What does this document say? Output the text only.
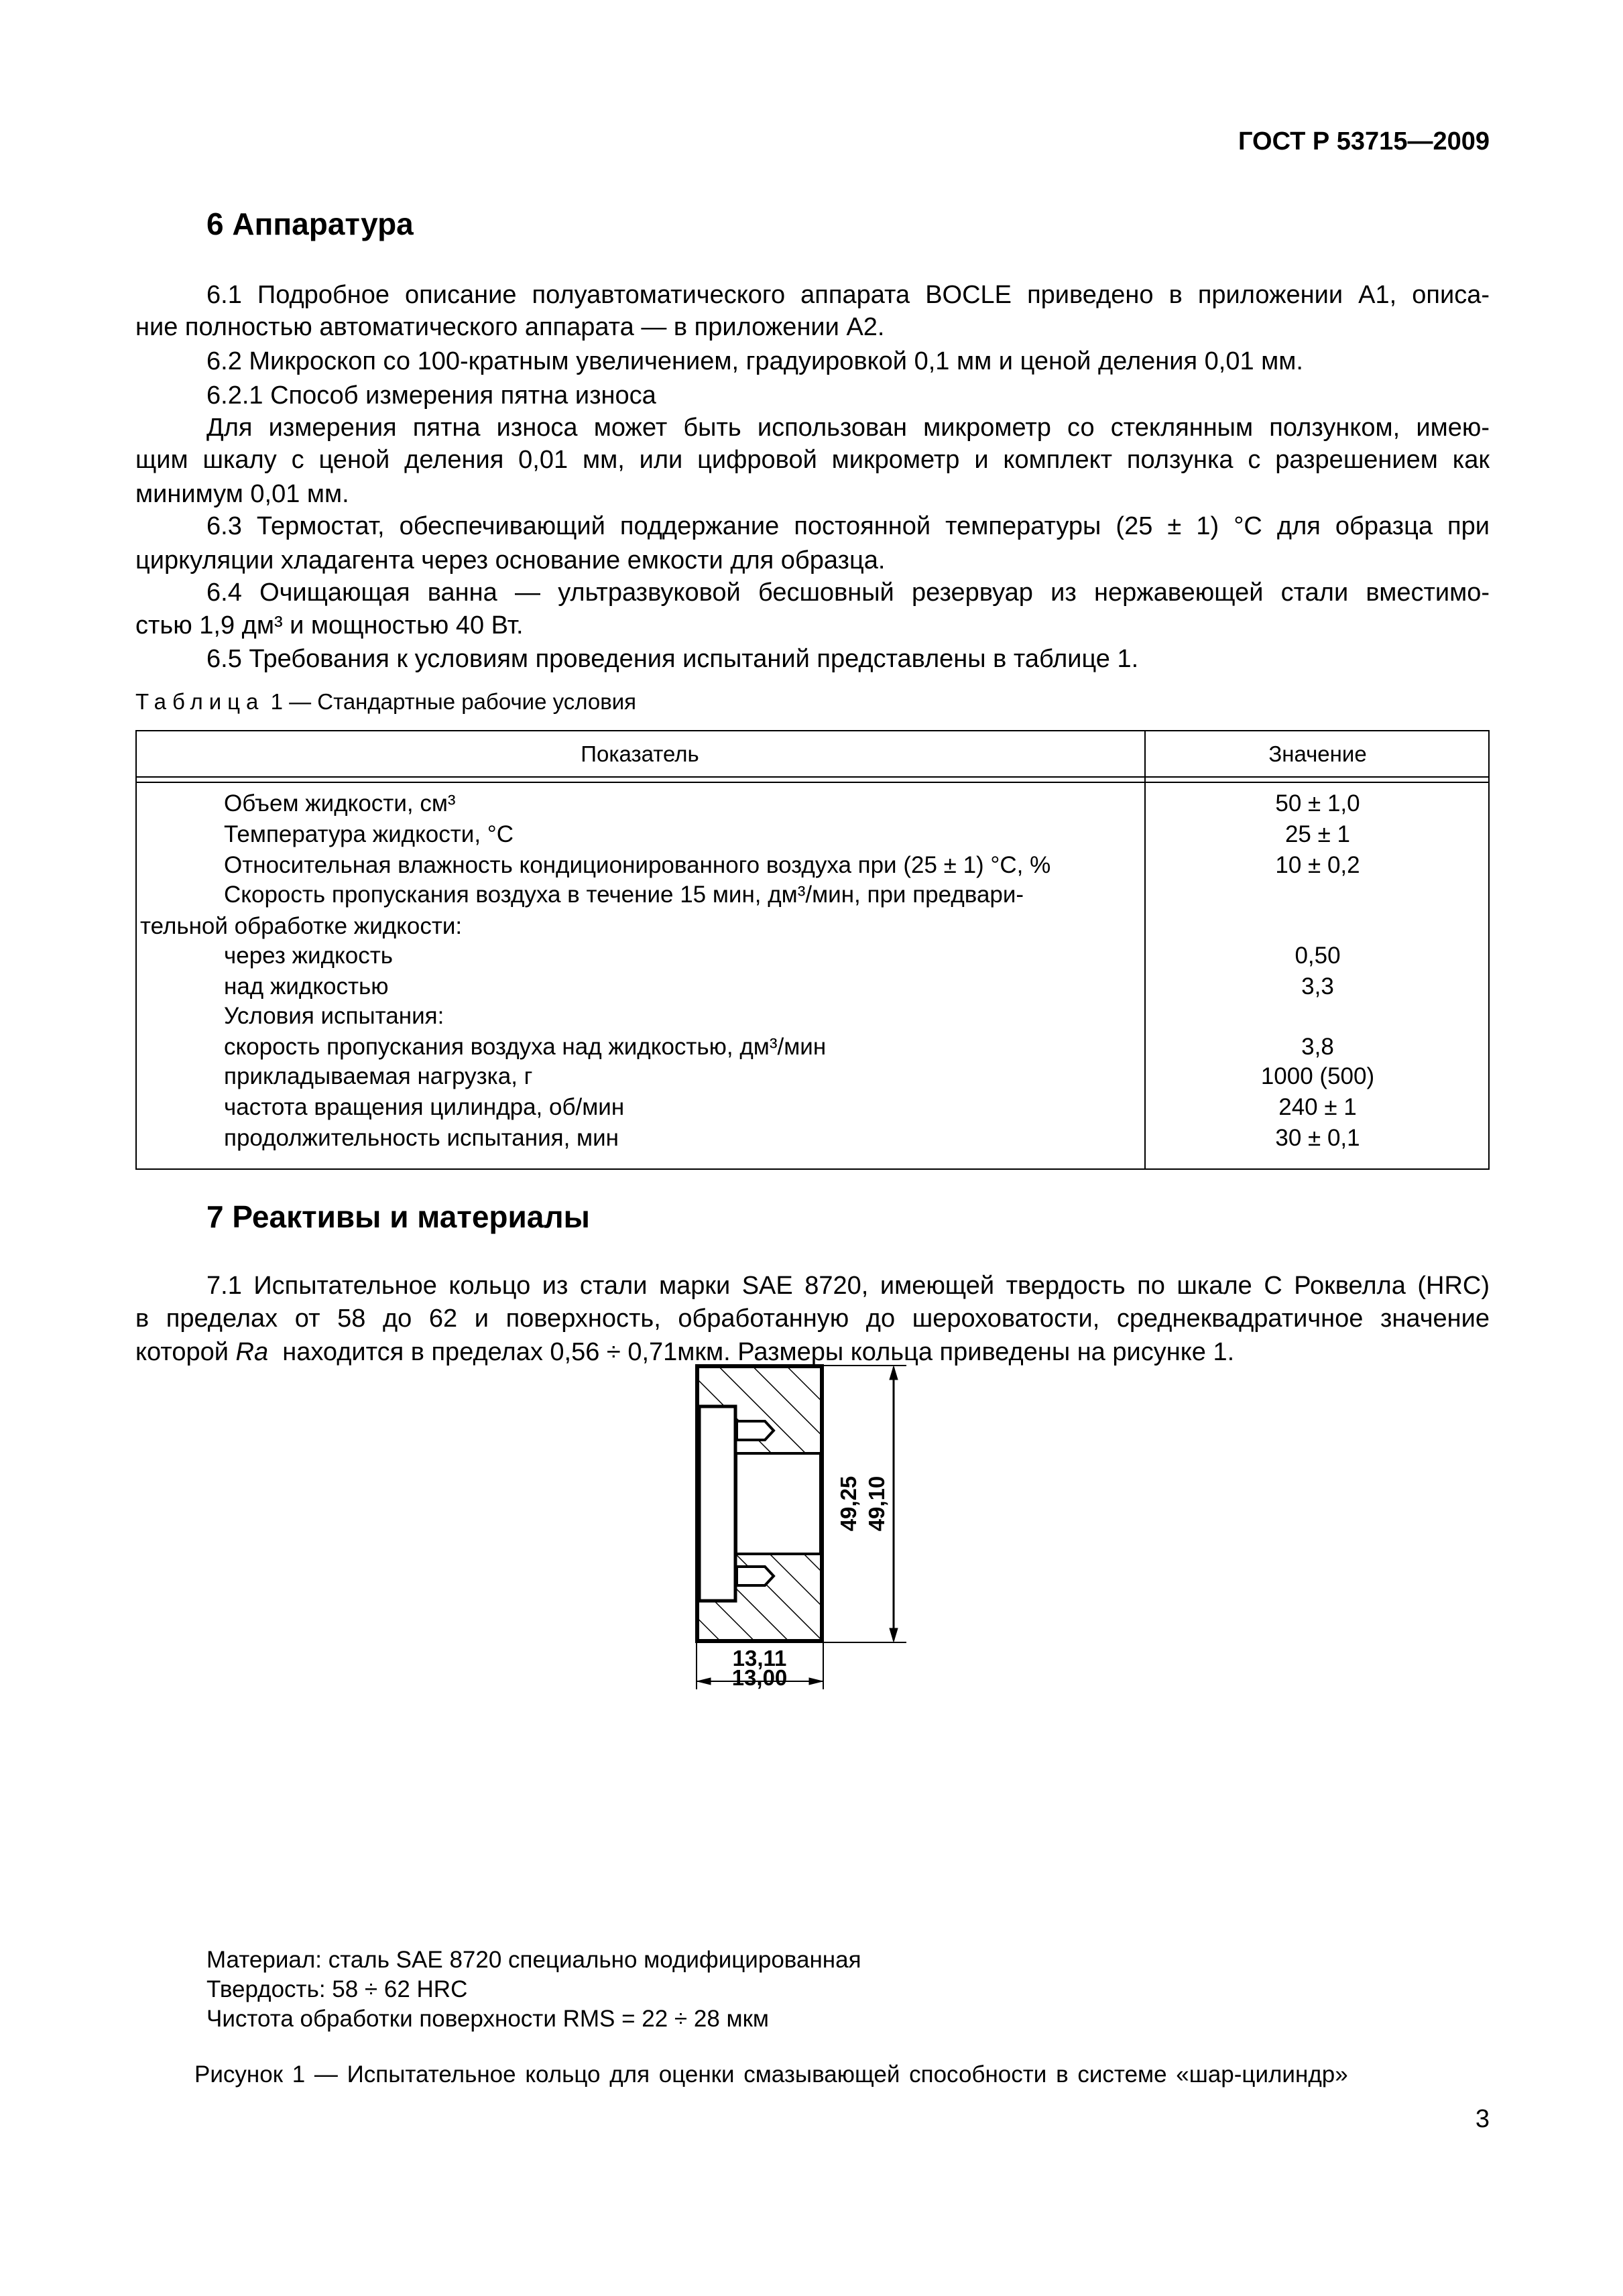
ГОСТ Р 53715—2009
6 Аппаратура
6.1 Подробное описание полуавтоматического аппарата BOCLE приведено в приложении А1, описа-
ние полностью автоматического аппарата — в приложении А2.
6.2 Микроскоп со 100-кратным увеличением, градуировкой 0,1 мм и ценой деления 0,01 мм.
6.2.1 Способ измерения пятна износа
Для измерения пятна износа может быть использован микрометр со стеклянным ползунком, имею-
щим шкалу с ценой деления 0,01 мм, или цифровой микрометр и комплект ползунка с разрешением как
минимум 0,01 мм.
6.3 Термостат, обеспечивающий поддержание постоянной температуры (25 ± 1) °С для образца при
циркуляции хладагента через основание емкости для образца.
6.4 Очищающая ванна — ультразвуковой бесшовный резервуар из нержавеющей стали вместимо-
стью 1,9 дм³ и мощностью 40 Вт.
6.5 Требования к условиям проведения испытаний представлены в таблице 1.
Таблица 1 — Стандартные рабочие условия
Показатель	Значение
Объем жидкости, см³	50 ± 1,0
Температура жидкости, °С	25 ± 1
Относительная влажность кондиционированного воздуха при (25 ± 1) °С, %	10 ± 0,2
Скорость пропускания воздуха в течение 15 мин, дм³/мин, при предвари-
тельной обработке жидкости:
через жидкость	0,50
над жидкостью	3,3
Условия испытания:
скорость пропускания воздуха над жидкостью, дм³/мин	3,8
прикладываемая нагрузка, г	1000 (500)
частота вращения цилиндра, об/мин	240 ± 1
продолжительность испытания, мин	30 ± 0,1
7 Реактивы и материалы
7.1 Испытательное кольцо из стали марки SAE 8720, имеющей твердость по шкале С Роквелла (HRC)
в пределах от 58 до 62 и поверхность, обработанную до шероховатости, среднеквадратичное значение
которой Ra находится в пределах 0,56 ÷ 0,71мкм. Размеры кольца приведены на рисунке 1.
49,25 49,10
13,11
13,00
Материал: сталь SAE 8720 специально модифицированная
Твердость: 58 ÷ 62 HRC
Чистота обработки поверхности RMS = 22 ÷ 28 мкм
Рисунок 1 — Испытательное кольцо для оценки смазывающей способности в системе «шар-цилиндр»
3
